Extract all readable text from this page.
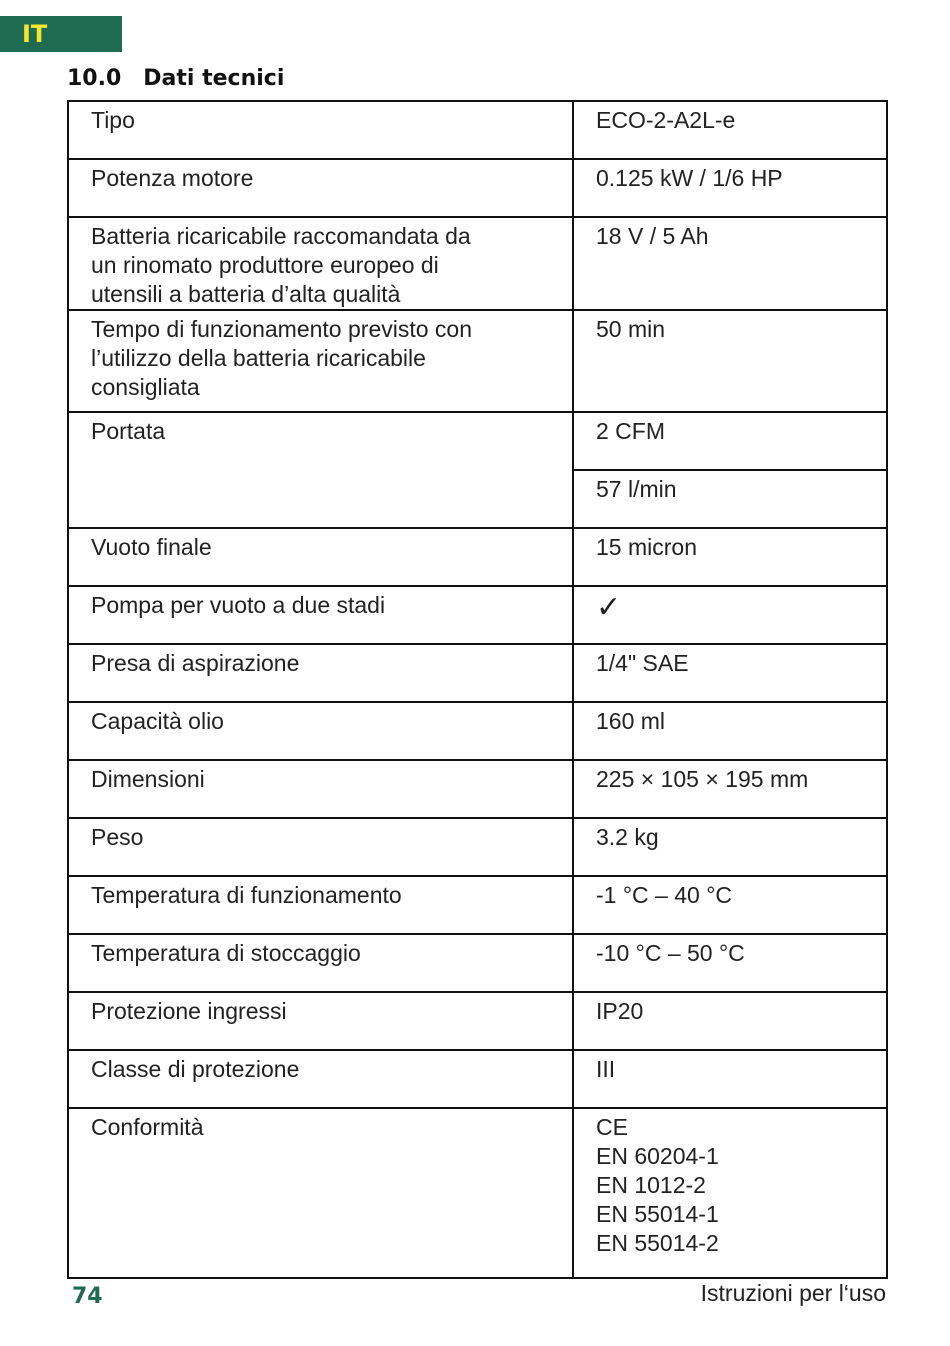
IT
10.0 Dati tecnici
Tipo	ECO-2-A2L-e
Potenza motore	0.125 kW / 1/6 HP

Batteria ricaricabile raccomandata da
un rinomato produttore europeo di
utensili a batteria d’alta qualità	18 V / 5 Ah

Tempo di funzionamento previsto con
l’utilizzo della batteria ricaricabile
consigliata	50 min
Portata	2 CFM
	57 l/min
Vuoto finale	15 micron
Pompa per vuoto a due stadi	✓
Presa di aspirazione	1/4" SAE
Capacità olio	160 ml
Dimensioni	225 × 105 × 195 mm
Peso	3.2 kg
Temperatura di funzionamento	-1 °C – 40 °C
Temperatura di stoccaggio	-10 °C – 50 °C
Protezione ingressi	IP20
Classe di protezione	III
Conformità	CE
EN 60204-1
EN 1012-2
EN 55014-1
EN 55014-2
74	Istruzioni per l‘uso
